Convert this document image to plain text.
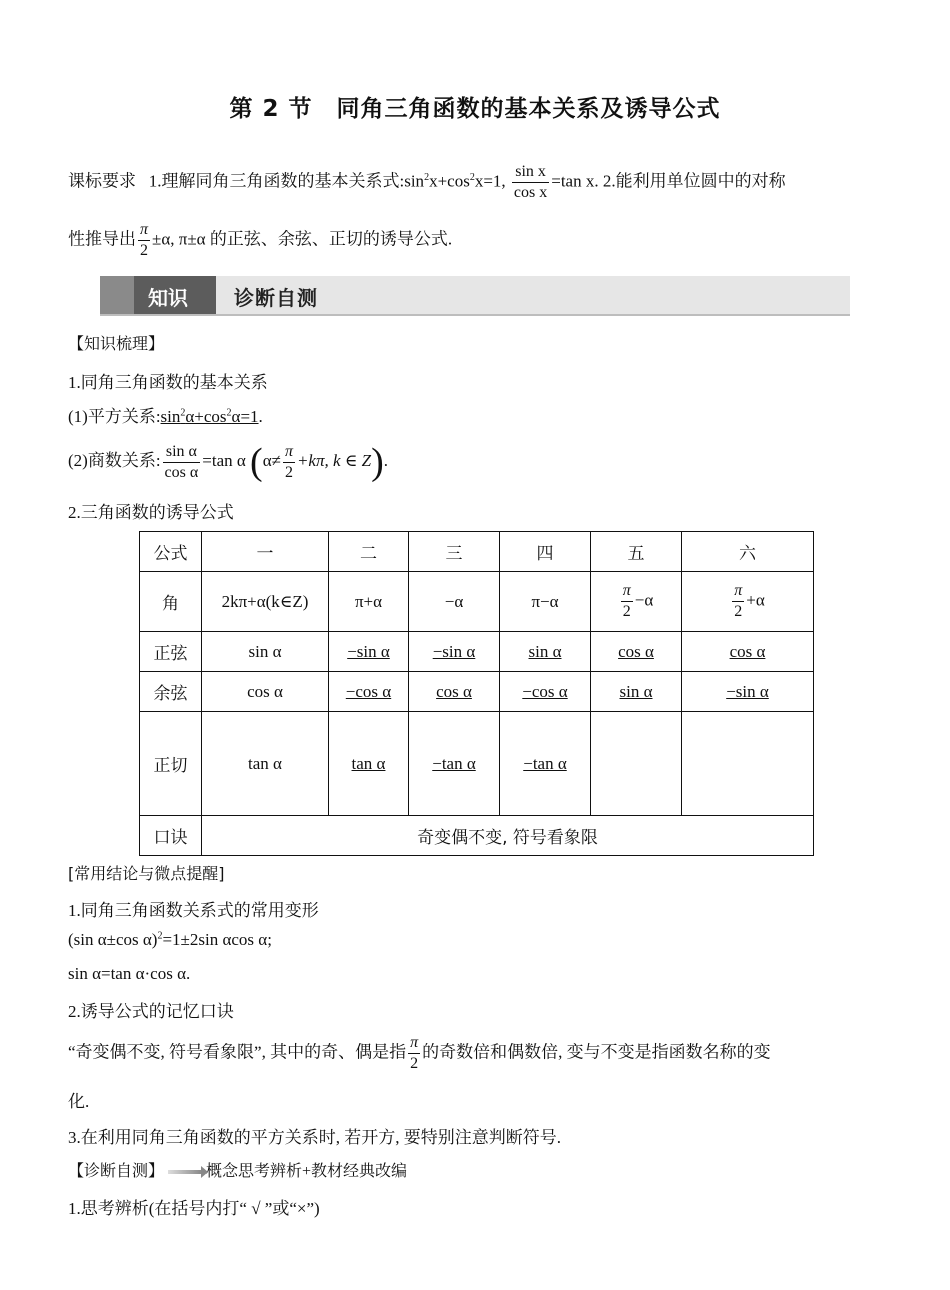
第 2 节　同角三角函数的基本关系及诱导公式
课标要求 1.理解同角三角函数的基本关系式$:\sin^2x+\cos^2x=1$, $\frac{\text{sin x}}{\text{cos x}} =\tan$ x. 2.能利用单位圆中的对称
性推导出 $\frac{\pi}{2} \pm\alpha$, π±α 的正弦、余弦、正切的诱导公式.
知识 诊断自测
【知识梳理】
1.同角三角函数的基本关系
(1)平方关系$:\sin^2\alpha+\cos^2\alpha=1$.
(2)商数关系: $\frac{\text{sin α}}{\text{cos α}} =\tan$ α ($\alpha\ne \frac{\pi}{2} +k\pi$, k ∈ Z).
2.三角函数的诱导公式
公式	一	二	三	四	五	六
角	2kπ+α(k∈Z)	π+α	−α	π−α	$\frac{\pi}{2} -\alpha$	$\frac{\pi}{2} +\alpha$
正弦	sin α	−sin α	−sin α	sin α	cos α	cos α
余弦	cos α	−cos α	cos α	−cos α	sin α	−sin α
正切	tan α	tan α	−tan α	−tan α		
口诀	奇变偶不变, 符号看象限					
[常用结论与微点提醒]
1.同角三角函数关系式的常用变形
(sin α±cos α)$^2$=1±2sin αcos α;
sin α=tan α·cos α.
2.诱导公式的记忆口诀
“奇变偶不变, 符号看象限”, 其中的奇、偶是指 $\frac{\pi}{2}$ 的奇数倍和偶数倍, 变与不变是指函数名称的变
化.
3.在利用同角三角函数的平方关系时, 若开方, 要特别注意判断符号.
【诊断自测】	概念思考辨析+教材经典改编
1.思考辨析(在括号内打“ √ ”或“×”)
